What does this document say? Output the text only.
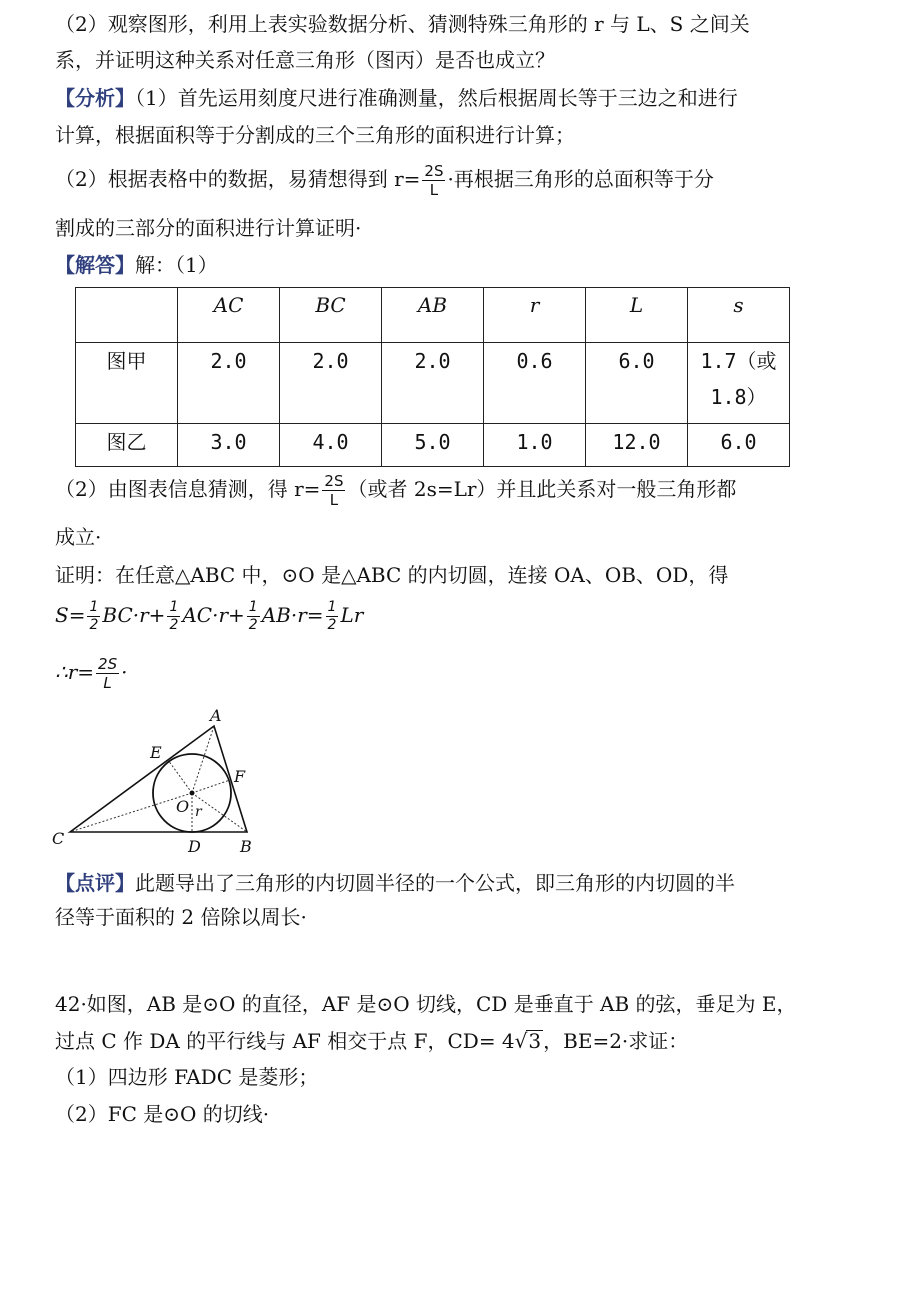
（2）观察图形，利用上表实验数据分析、猜测特殊三角形的 r 与 L、S 之间关
系，并证明这种关系对任意三角形（图丙）是否也成立？
【分析】（1）首先运用刻度尺进行准确测量，然后根据周长等于三边之和进行
计算，根据面积等于分割成的三个三角形的面积进行计算；
（2）根据表格中的数据，易猜想得到 $r= \frac{2S}{L}$ ·再根据三角形的总面积等于分
割成的三部分的面积进行计算证明·
【解答】解：（1）
	AC	BC	AB	r	L	s
图甲	2.0	2.0	2.0	0.6	6.0	1.7（或
1.8）

图乙	3.0	4.0	5.0	1.0	12.0	6.0
（2）由图表信息猜测，得 $r= \frac{2S}{L}$ （或者 2s=Lr）并且此关系对一般三角形都
成立·
证明：在任意△ABC 中，⊙O 是△ABC 的内切圆，连接 OA、OB、OD，得
$S= \frac{1}{2} BC\cdot r+ \frac{1}{2} AC\cdot r+ \frac{1}{2} AB\cdot r= \frac{1}{2}$ Lr
∴r= $\frac{2S}{L}$ ·
A
B
C	D
E
F
O r
【点评】此题导出了三角形的内切圆半径的一个公式，即三角形的内切圆的半
径等于面积的 2 倍除以周长·
42·如图，AB 是⊙O 的直径，AF 是⊙O 切线，CD 是垂直于 AB 的弦，垂足为 E，
过点 C 作 DA 的平行线与 AF 相交于点 F，CD= 4√3 ，BE=2·求证：
（1）四边形 FADC 是菱形；
（2）FC 是⊙O 的切线·
